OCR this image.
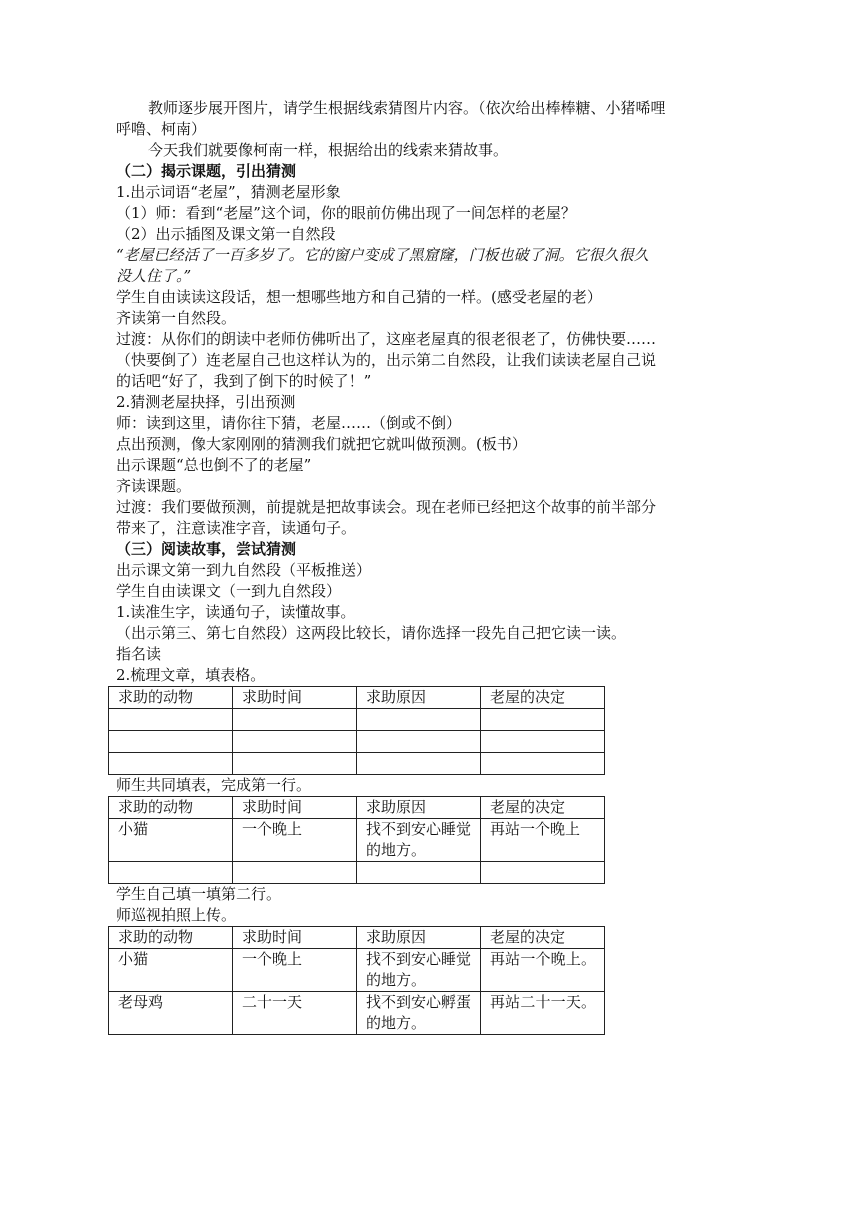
教师逐步展开图片，请学生根据线索猜图片内容。（依次给出棒棒糖、小猪唏哩
呼噜、柯南）
今天我们就要像柯南一样，根据给出的线索来猜故事。
（二）揭示课题，引出猜测
1.出示词语“老屋”，猜测老屋形象
（1）师：看到“老屋”这个词，你的眼前仿佛出现了一间怎样的老屋？
（2）出示插图及课文第一自然段
“老屋已经活了一百多岁了。它的窗户变成了黑窟窿，门板也破了洞。它很久很久
没人住了。”
学生自由读读这段话，想一想哪些地方和自己猜的一样。(感受老屋的老）
齐读第一自然段。
过渡：从你们的朗读中老师仿佛听出了，这座老屋真的很老很老了，仿佛快要……
（快要倒了）连老屋自己也这样认为的，出示第二自然段，让我们读读老屋自己说
的话吧“好了，我到了倒下的时候了！”
2.猜测老屋抉择，引出预测
师：读到这里，请你往下猜，老屋……（倒或不倒）
点出预测，像大家刚刚的猜测我们就把它就叫做预测。(板书）
出示课题“总也倒不了的老屋”
齐读课题。
过渡：我们要做预测，前提就是把故事读会。现在老师已经把这个故事的前半部分
带来了，注意读准字音，读通句子。
（三）阅读故事，尝试猜测
出示课文第一到九自然段（平板推送）
学生自由读课文（一到九自然段）
1.读准生字，读通句子，读懂故事。
（出示第三、第七自然段）这两段比较长，请你选择一段先自己把它读一读。
指名读
2.梳理文章，填表格。
求助的动物	求助时间	求助原因	老屋的决定

师生共同填表，完成第一行。
求助的动物	求助时间	求助原因	老屋的决定
小猫	一个晚上	找不到安心睡觉的地方。	再站一个晚上

学生自己填一填第二行。
师巡视拍照上传。
求助的动物	求助时间	求助原因	老屋的决定
小猫	一个晚上	找不到安心睡觉的地方。	再站一个晚上。
老母鸡	二十一天	找不到安心孵蛋的地方。	再站二十一天。
